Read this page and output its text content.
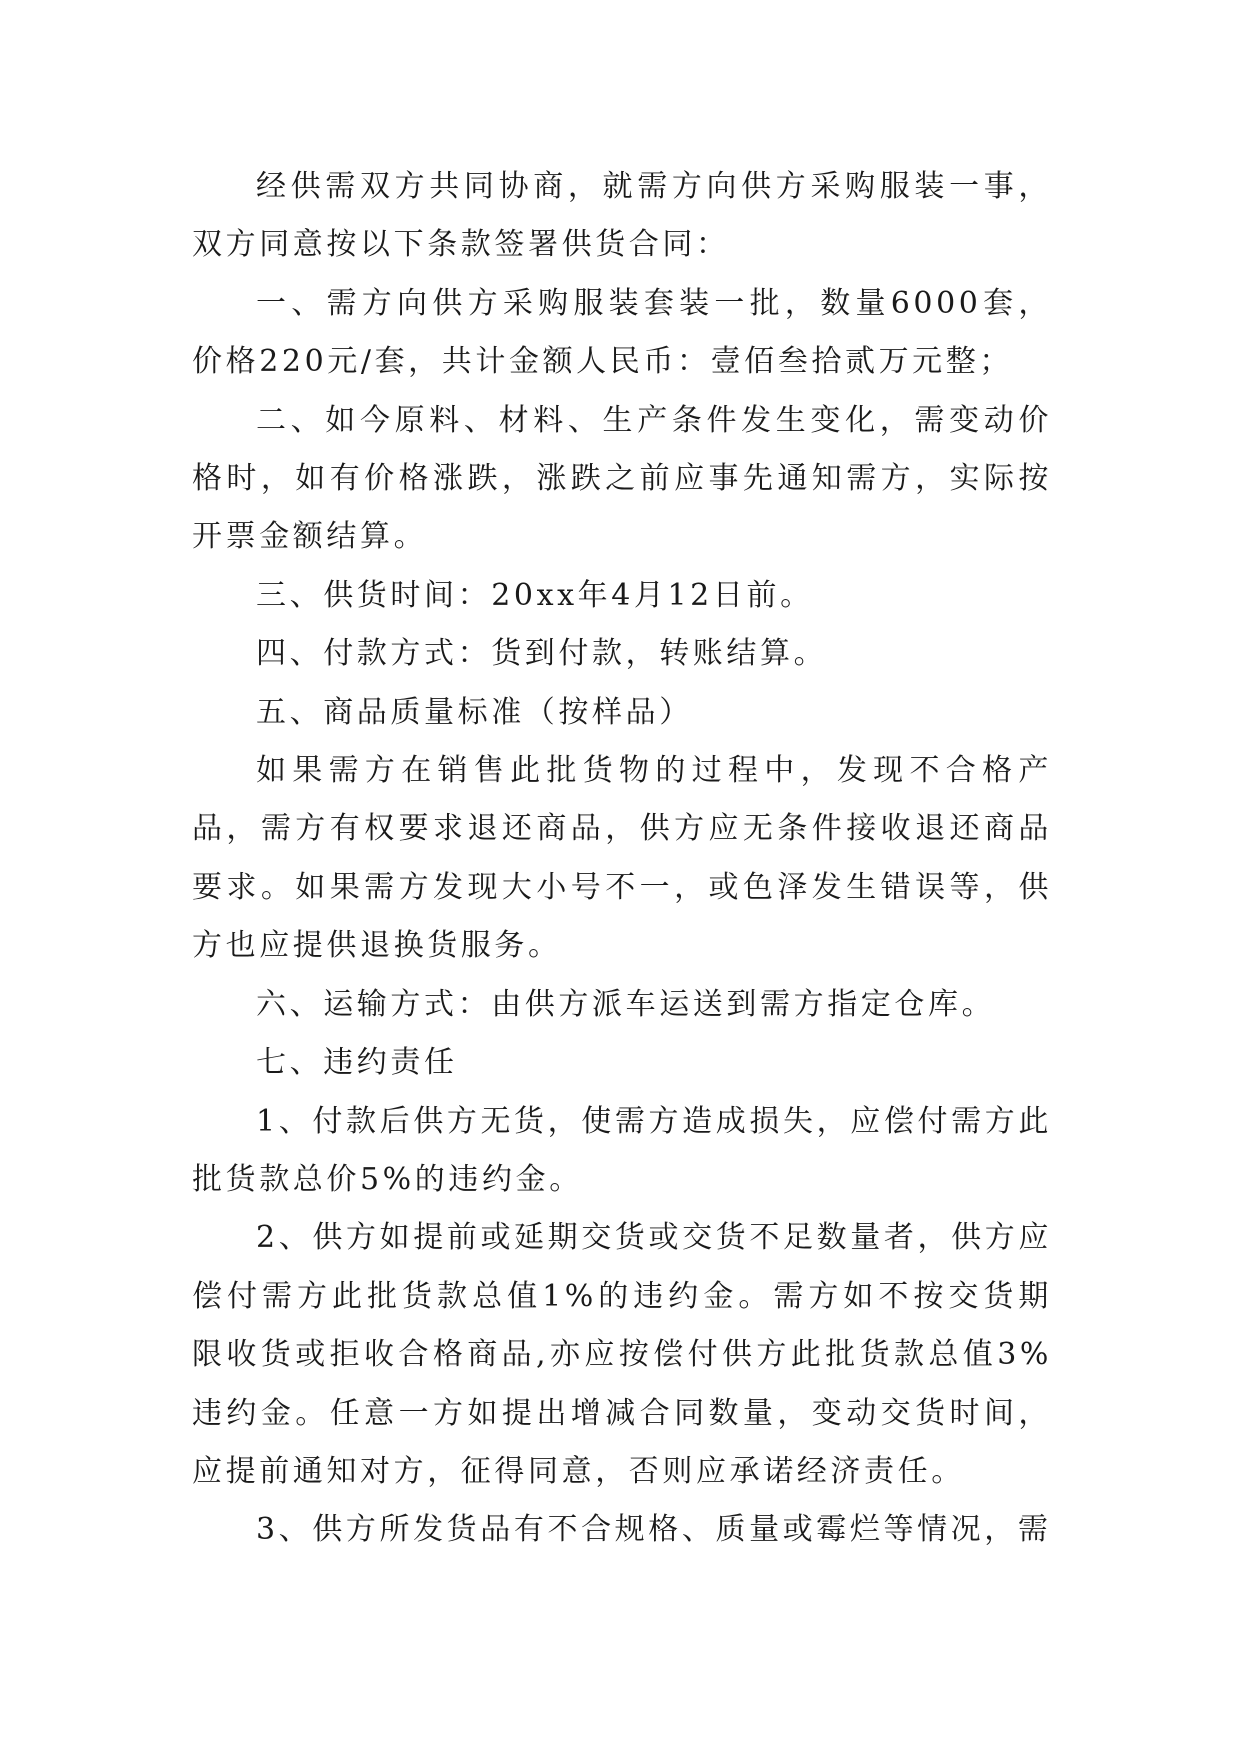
经供需双方共同协商，就需方向供方采购服装一事，双方同意按以下条款签署供货合同：

一、需方向供方采购服装套装一批，数量6000套，价格220元/套，共计金额人民币：壹佰叁拾贰万元整；

二、如今原料、材料、生产条件发生变化，需变动价格时，如有价格涨跌，涨跌之前应事先通知需方，实际按开票金额结算。

三、供货时间：20xx年4月12日前。

四、付款方式：货到付款，转账结算。

五、商品质量标准（按样品）

如果需方在销售此批货物的过程中，发现不合格产品，需方有权要求退还商品，供方应无条件接收退还商品要求。如果需方发现大小号不一，或色泽发生错误等，供方也应提供退换货服务。

六、运输方式：由供方派车运送到需方指定仓库。

七、违约责任

1、付款后供方无货，使需方造成损失，应偿付需方此批货款总价5%的违约金。

2、供方如提前或延期交货或交货不足数量者，供方应偿付需方此批货款总值1%的违约金。需方如不按交货期限收货或拒收合格商品,亦应按偿付供方此批货款总值3%违约金。任意一方如提出增减合同数量，变动交货时间，应提前通知对方，征得同意，否则应承诺经济责任。

3、供方所发货品有不合规格、质量或霉烂等情况，需
